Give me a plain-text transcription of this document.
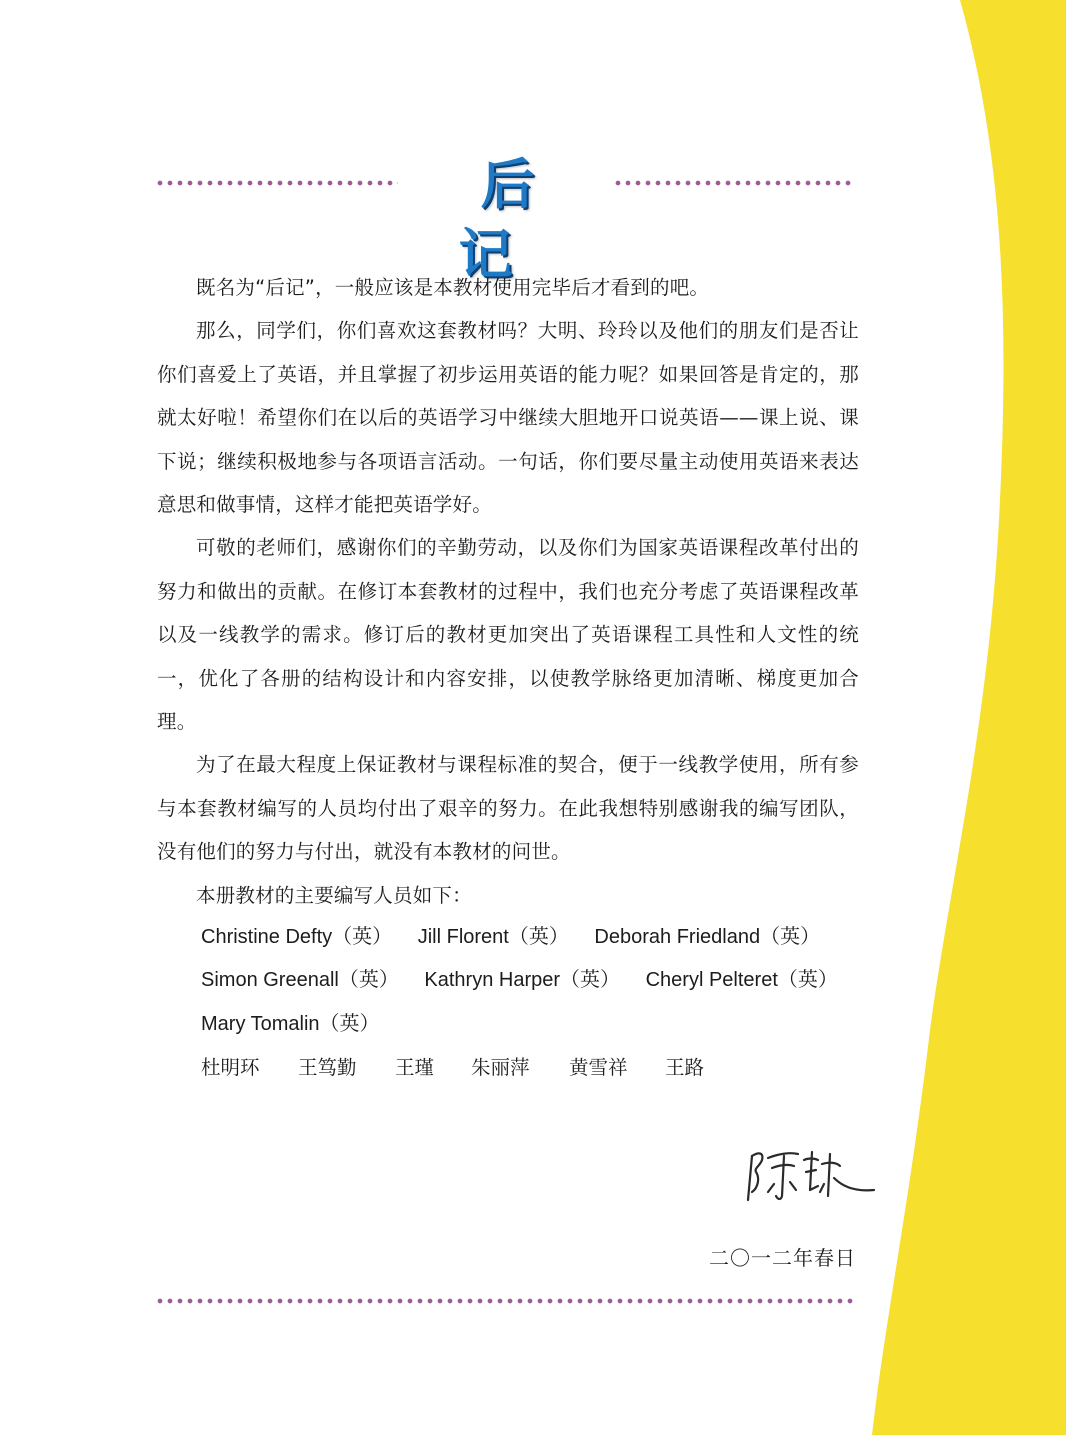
后 记

既名为“后记”，一般应该是本教材使用完毕后才看到的吧。

那么，同学们，你们喜欢这套教材吗？大明、玲玲以及他们的朋友们是否让你们喜爱上了英语，并且掌握了初步运用英语的能力呢？如果回答是肯定的，那就太好啦！希望你们在以后的英语学习中继续大胆地开口说英语——课上说、课下说；继续积极地参与各项语言活动。一句话，你们要尽量主动使用英语来表达意思和做事情，这样才能把英语学好。

可敬的老师们，感谢你们的辛勤劳动，以及你们为国家英语课程改革付出的努力和做出的贡献。在修订本套教材的过程中，我们也充分考虑了英语课程改革以及一线教学的需求。修订后的教材更加突出了英语课程工具性和人文性的统一，优化了各册的结构设计和内容安排，以使教学脉络更加清晰、梯度更加合理。

为了在最大程度上保证教材与课程标准的契合，便于一线教学使用，所有参与本套教材编写的人员均付出了艰辛的努力。在此我想特别感谢我的编写团队，没有他们的努力与付出，就没有本教材的问世。

本册教材的主要编写人员如下：

Christine Defty（英） Jill Florent（英） Deborah Friedland（英）
Simon Greenall（英） Kathryn Harper（英） Cheryl Pelteret（英）
Mary Tomalin（英）
杜明环 王笃勤 王瑾 朱丽萍 黄雪祥 王路
二〇一二年春日
